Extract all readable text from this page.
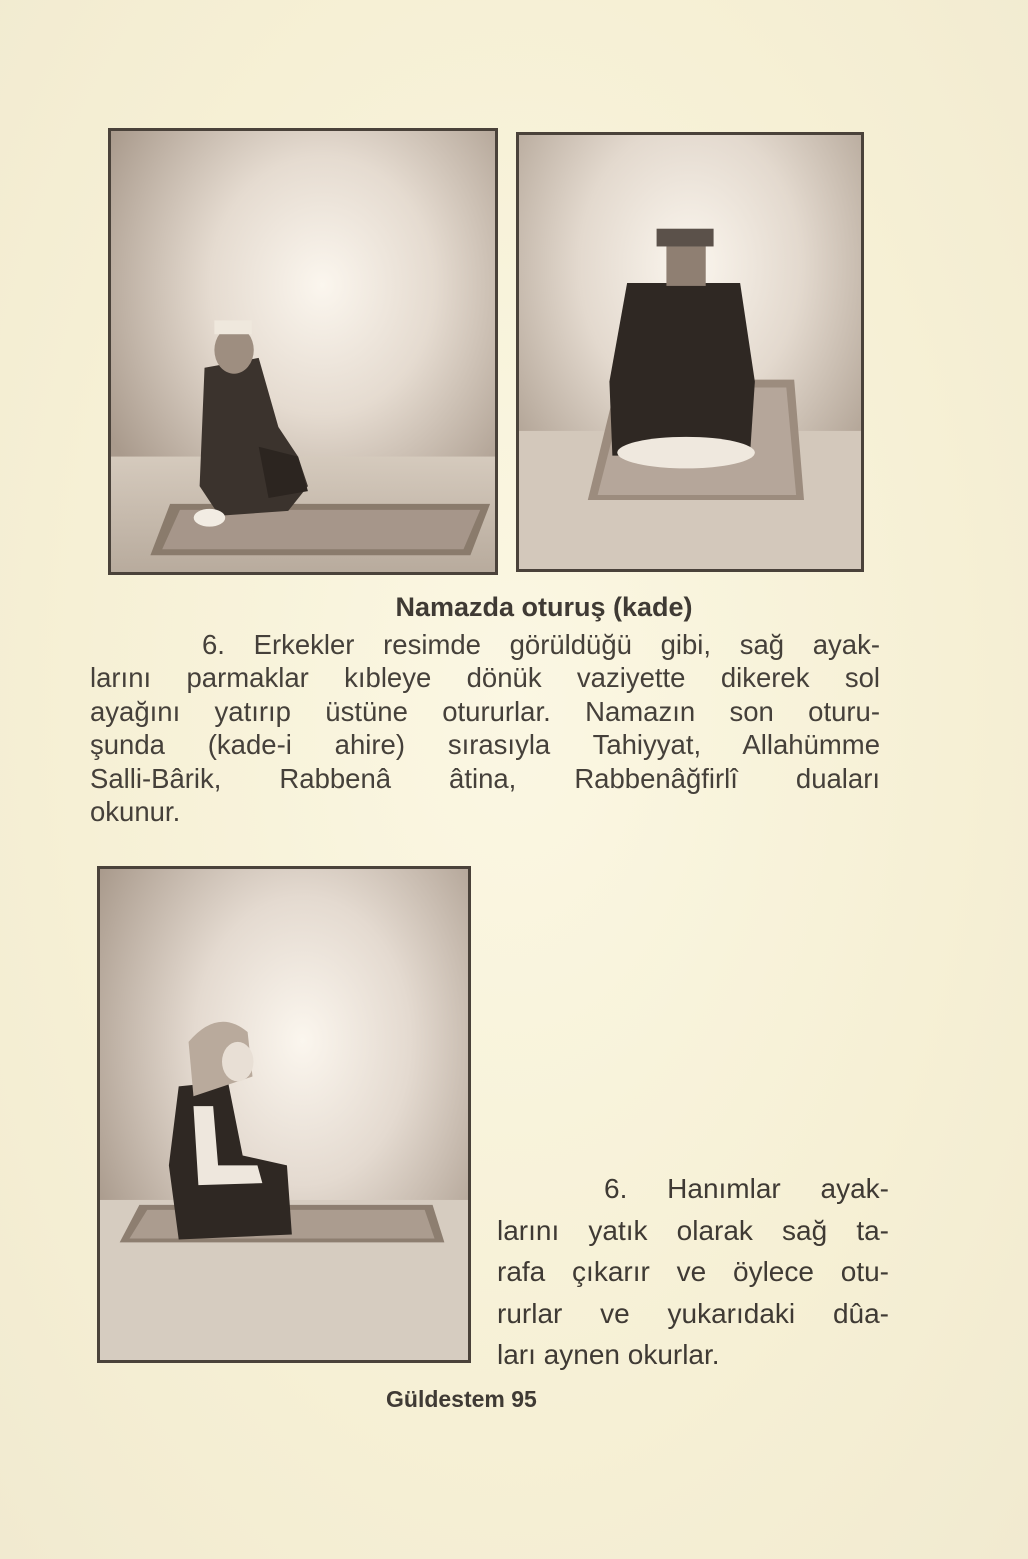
Namazda oturuş (kade)
6. Erkekler resimde görüldüğü gibi, sağ ayak-
larını parmaklar kıbleye dönük vaziyette dikerek sol
ayağını yatırıp üstüne otururlar. Namazın son oturu-
şunda (kade-i ahire) sırasıyla Tahiyyat, Allahümme
Salli-Bârik, Rabbenâ âtina, Rabbenâğfirlî duaları
okunur.
6. Hanımlar ayak-
larını yatık olarak sağ ta-
rafa çıkarır ve öylece otu-
rurlar ve yukarıdaki dûa-
ları aynen okurlar.
Güldestem 95
